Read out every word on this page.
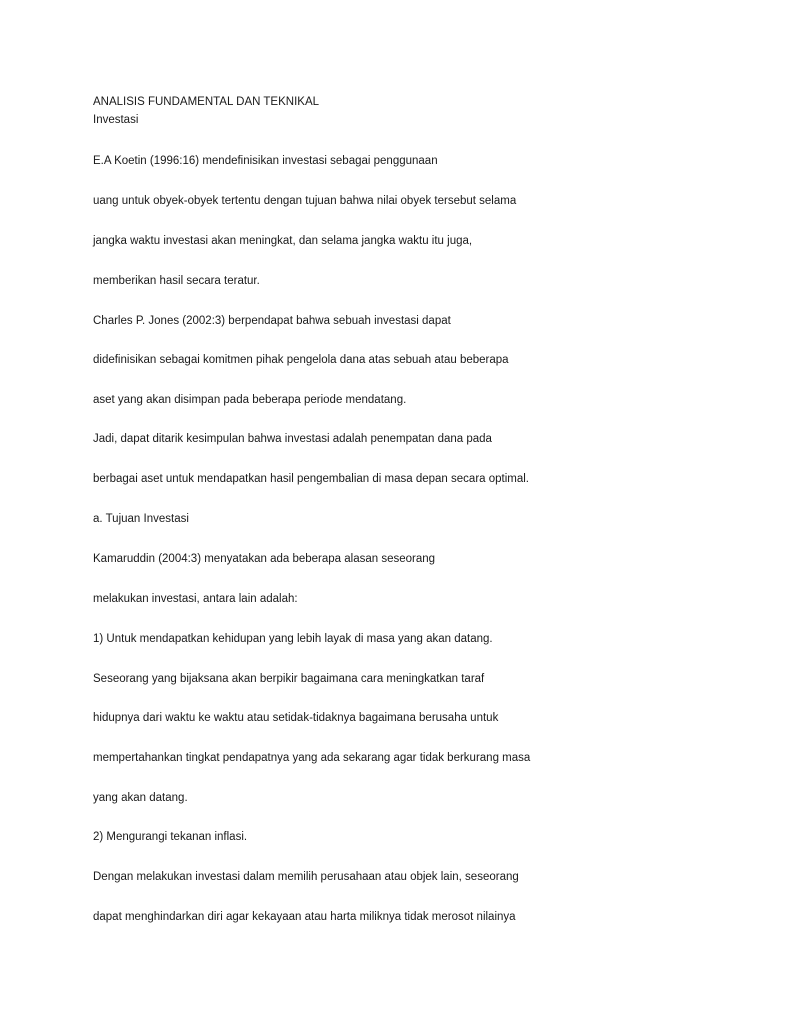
ANALISIS FUNDAMENTAL DAN TEKNIKAL
Investasi
E.A Koetin (1996:16) mendefinisikan investasi sebagai penggunaan
uang untuk obyek-obyek tertentu dengan tujuan bahwa nilai obyek tersebut selama
jangka waktu investasi akan meningkat, dan selama jangka waktu itu juga,
memberikan hasil secara teratur.
Charles P. Jones (2002:3) berpendapat bahwa sebuah investasi dapat
didefinisikan sebagai komitmen pihak pengelola dana atas sebuah atau beberapa
aset yang akan disimpan pada beberapa periode mendatang.
Jadi, dapat ditarik kesimpulan bahwa investasi adalah penempatan dana pada
berbagai aset untuk mendapatkan hasil pengembalian di masa depan secara optimal.
a. Tujuan Investasi
Kamaruddin (2004:3) menyatakan ada beberapa alasan seseorang
melakukan investasi, antara lain adalah:
1) Untuk mendapatkan kehidupan yang lebih layak di masa yang akan datang.
Seseorang yang bijaksana akan berpikir bagaimana cara meningkatkan taraf
hidupnya dari waktu ke waktu atau setidak-tidaknya bagaimana berusaha untuk
mempertahankan tingkat pendapatnya yang ada sekarang agar tidak berkurang masa
yang akan datang.
2) Mengurangi tekanan inflasi.
Dengan melakukan investasi dalam memilih perusahaan atau objek lain, seseorang
dapat menghindarkan diri agar kekayaan atau harta miliknya tidak merosot nilainya
